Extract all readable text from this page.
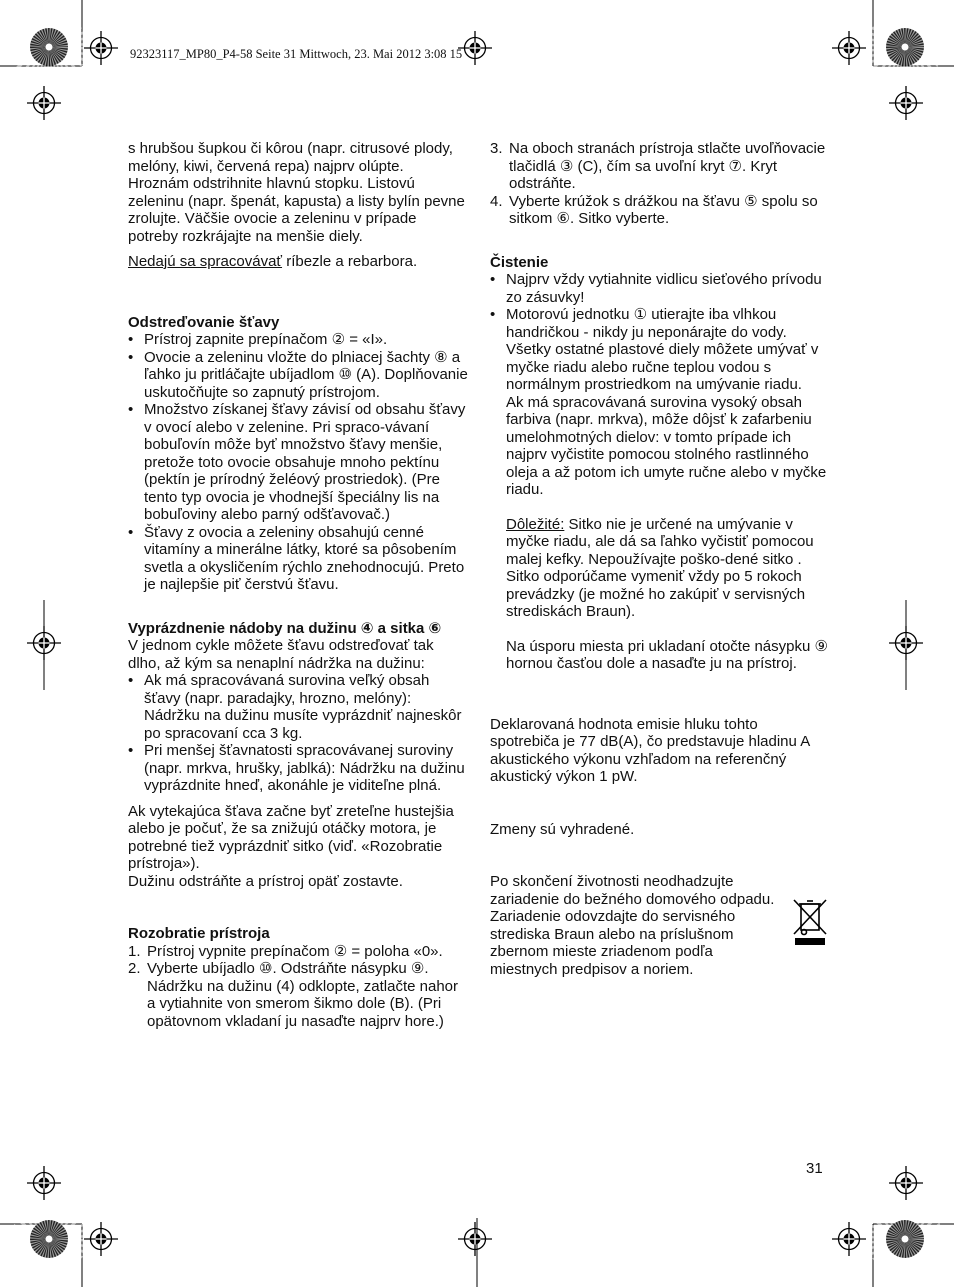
92323117_MP80_P4-58 Seite 31 Mittwoch, 23. Mai 2012 3:08 15

s hrubšou šupkou či kôrou (napr. citrusové plody, melóny, kiwi, červená repa) najprv olúpte. Hroznám odstrihnite hlavnú stopku. Listovú zeleninu (napr. špenát, kapusta) a listy bylín pevne zrolujte. Väčšie ovocie a zeleninu v prípade potreby rozkrájajte na menšie diely.

Nedajú sa spracovávať ríbezle a rebarbora.

Odstreďovanie šťavy

• Prístroj zapnite prepínačom ② = «I».
• Ovocie a zeleninu vložte do plniacej šachty ⑧ a ľahko ju pritláčajte ubíjadlom ⑩ (A). Doplňovanie uskutočňujte so zapnutý prístrojom.
• Množstvo získanej šťavy závisí od obsahu šťavy v ovocí alebo v zelenine. Pri spraco-vávaní bobuľovín môže byť množstvo šťavy menšie, pretože toto ovocie obsahuje mnoho pektínu (pektín je prírodný želéový prostriedok). (Pre tento typ ovocia je vhodnejší špeciálny lis na bobuľoviny alebo parný odšťavovač.)
• Šťavy z ovocia a zeleniny obsahujú cenné vitamíny a minerálne látky, ktoré sa pôsobením svetla a okysličením rýchlo znehodnocujú. Preto je najlepšie piť čerstvú šťavu.

Vyprázdnenie nádoby na dužinu ④ a sitka ⑥

V jednom cykle môžete šťavu odstreďovať tak dlho, až kým sa nenaplní nádržka na dužinu:

• Ak má spracovávaná surovina veľký obsah šťavy (napr. paradajky, hrozno, melóny): Nádržku na dužinu musíte vyprázdniť najneskôr po spracovaní cca 3 kg.
• Pri menšej šťavnatosti spracovávanej suroviny (napr. mrkva, hrušky, jablká): Nádržku na dužinu vyprázdnite hneď, akonáhle je viditeľne plná.

Ak vytekajúca šťava začne byť zreteľne hustejšia alebo je počuť, že sa znižujú otáčky motora, je potrebné tiež vyprázdniť sitko (viď. «Rozobratie prístroja»).

Dužinu odstráňte a prístroj opäť zostavte.

Rozobratie prístroja

1. Prístroj vypnite prepínačom ② = poloha «0».
2. Vyberte ubíjadlo ⑩. Odstráňte násypku ⑨. Nádržku na dužinu (4) odklopte, zatlačte nahor a vytiahnite von smerom šikmo dole (B). (Pri opätovnom vkladaní ju nasaďte najprv hore.)
3. Na oboch stranách prístroja stlačte uvoľňovacie tlačidlá ③ (C), čím sa uvoľní kryt ⑦. Kryt odstráňte.
4. Vyberte krúžok s drážkou na šťavu ⑤ spolu so sitkom ⑥. Sitko vyberte.

Čistenie

• Najprv vždy vytiahnite vidlicu sieťového prívodu zo zásuvky!
• Motorovú jednotku ① utierajte iba vlhkou handričkou - nikdy ju neponárajte do vody. Všetky ostatné plastové diely môžete umývať v myčke riadu alebo ručne teplou vodou s normálnym prostriedkom na umývanie riadu.
Ak má spracovávaná surovina vysoký obsah farbiva (napr. mrkva), môže dôjsť k zafarbeniu umelohmotných dielov: v tomto prípade ich najprv vyčistite pomocou stolného rastlinného oleja a až potom ich umyte ručne alebo v myčke riadu.

Dôležité: Sitko nie je určené na umývanie v myčke riadu, ale dá sa ľahko vyčistiť pomocou malej kefky. Nepoužívajte poško-dené sitko . Sitko odporúčame vymeniť vždy po 5 rokoch prevádzky (je možné ho zakúpiť v servisných strediskách Braun).

Na úsporu miesta pri ukladaní otočte násypku ⑨ hornou časťou dole a nasaďte ju na prístroj.

Deklarovaná hodnota emisie hluku tohto spotrebiča je 77 dB(A), čo predstavuje hladinu A akustického výkonu vzhľadom na referenčný akustický výkon 1 pW.

Zmeny sú vyhradené.

Po skončení životnosti neodhadzujte zariadenie do bežného domového odpadu. Zariadenie odovzdajte do servisného strediska Braun alebo na príslušnom zbernom mieste zriadenom podľa miestnych predpisov a noriem.

31
